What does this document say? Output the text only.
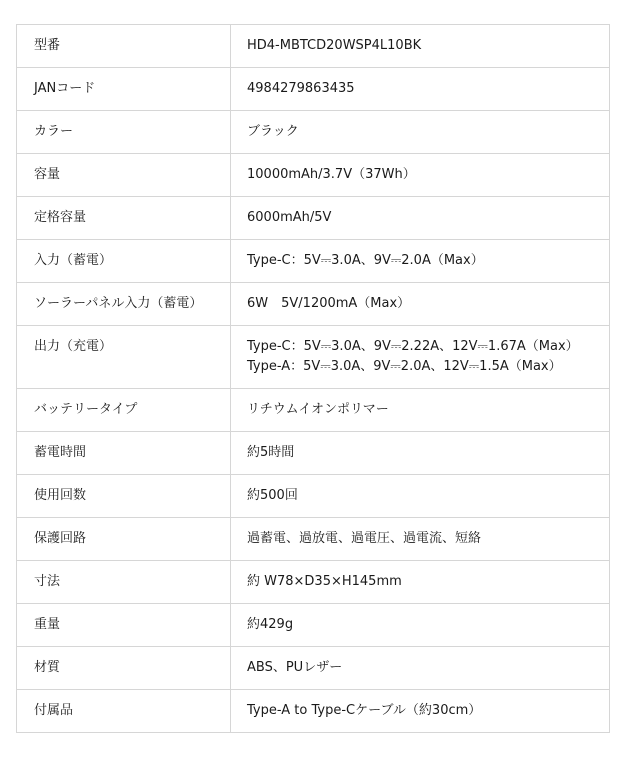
型番	HD4-MBTCD20WSP4L10BK
JANコード	4984279863435
カラー	ブラック
容量	10000mAh/3.7V（37Wh）
定格容量	6000mAh/5V
入力（蓄電）	Type-C：5V⎓3.0A、9V⎓2.0A（Max）
ソーラーパネル入力（蓄電）	6W　5V/1200mA（Max）
出力（充電）	Type-C：5V⎓3.0A、9V⎓2.22A、12V⎓1.67A（Max）
Type-A：5V⎓3.0A、9V⎓2.0A、12V⎓1.5A（Max）

バッテリータイプ	リチウムイオンポリマー
蓄電時間	約5時間
使用回数	約500回
保護回路	過蓄電、過放電、過電圧、過電流、短絡
寸法	約 W78×D35×H145mm
重量	約429g
材質	ABS、PUレザー
付属品	Type-A to Type-Cケーブル（約30cm）
